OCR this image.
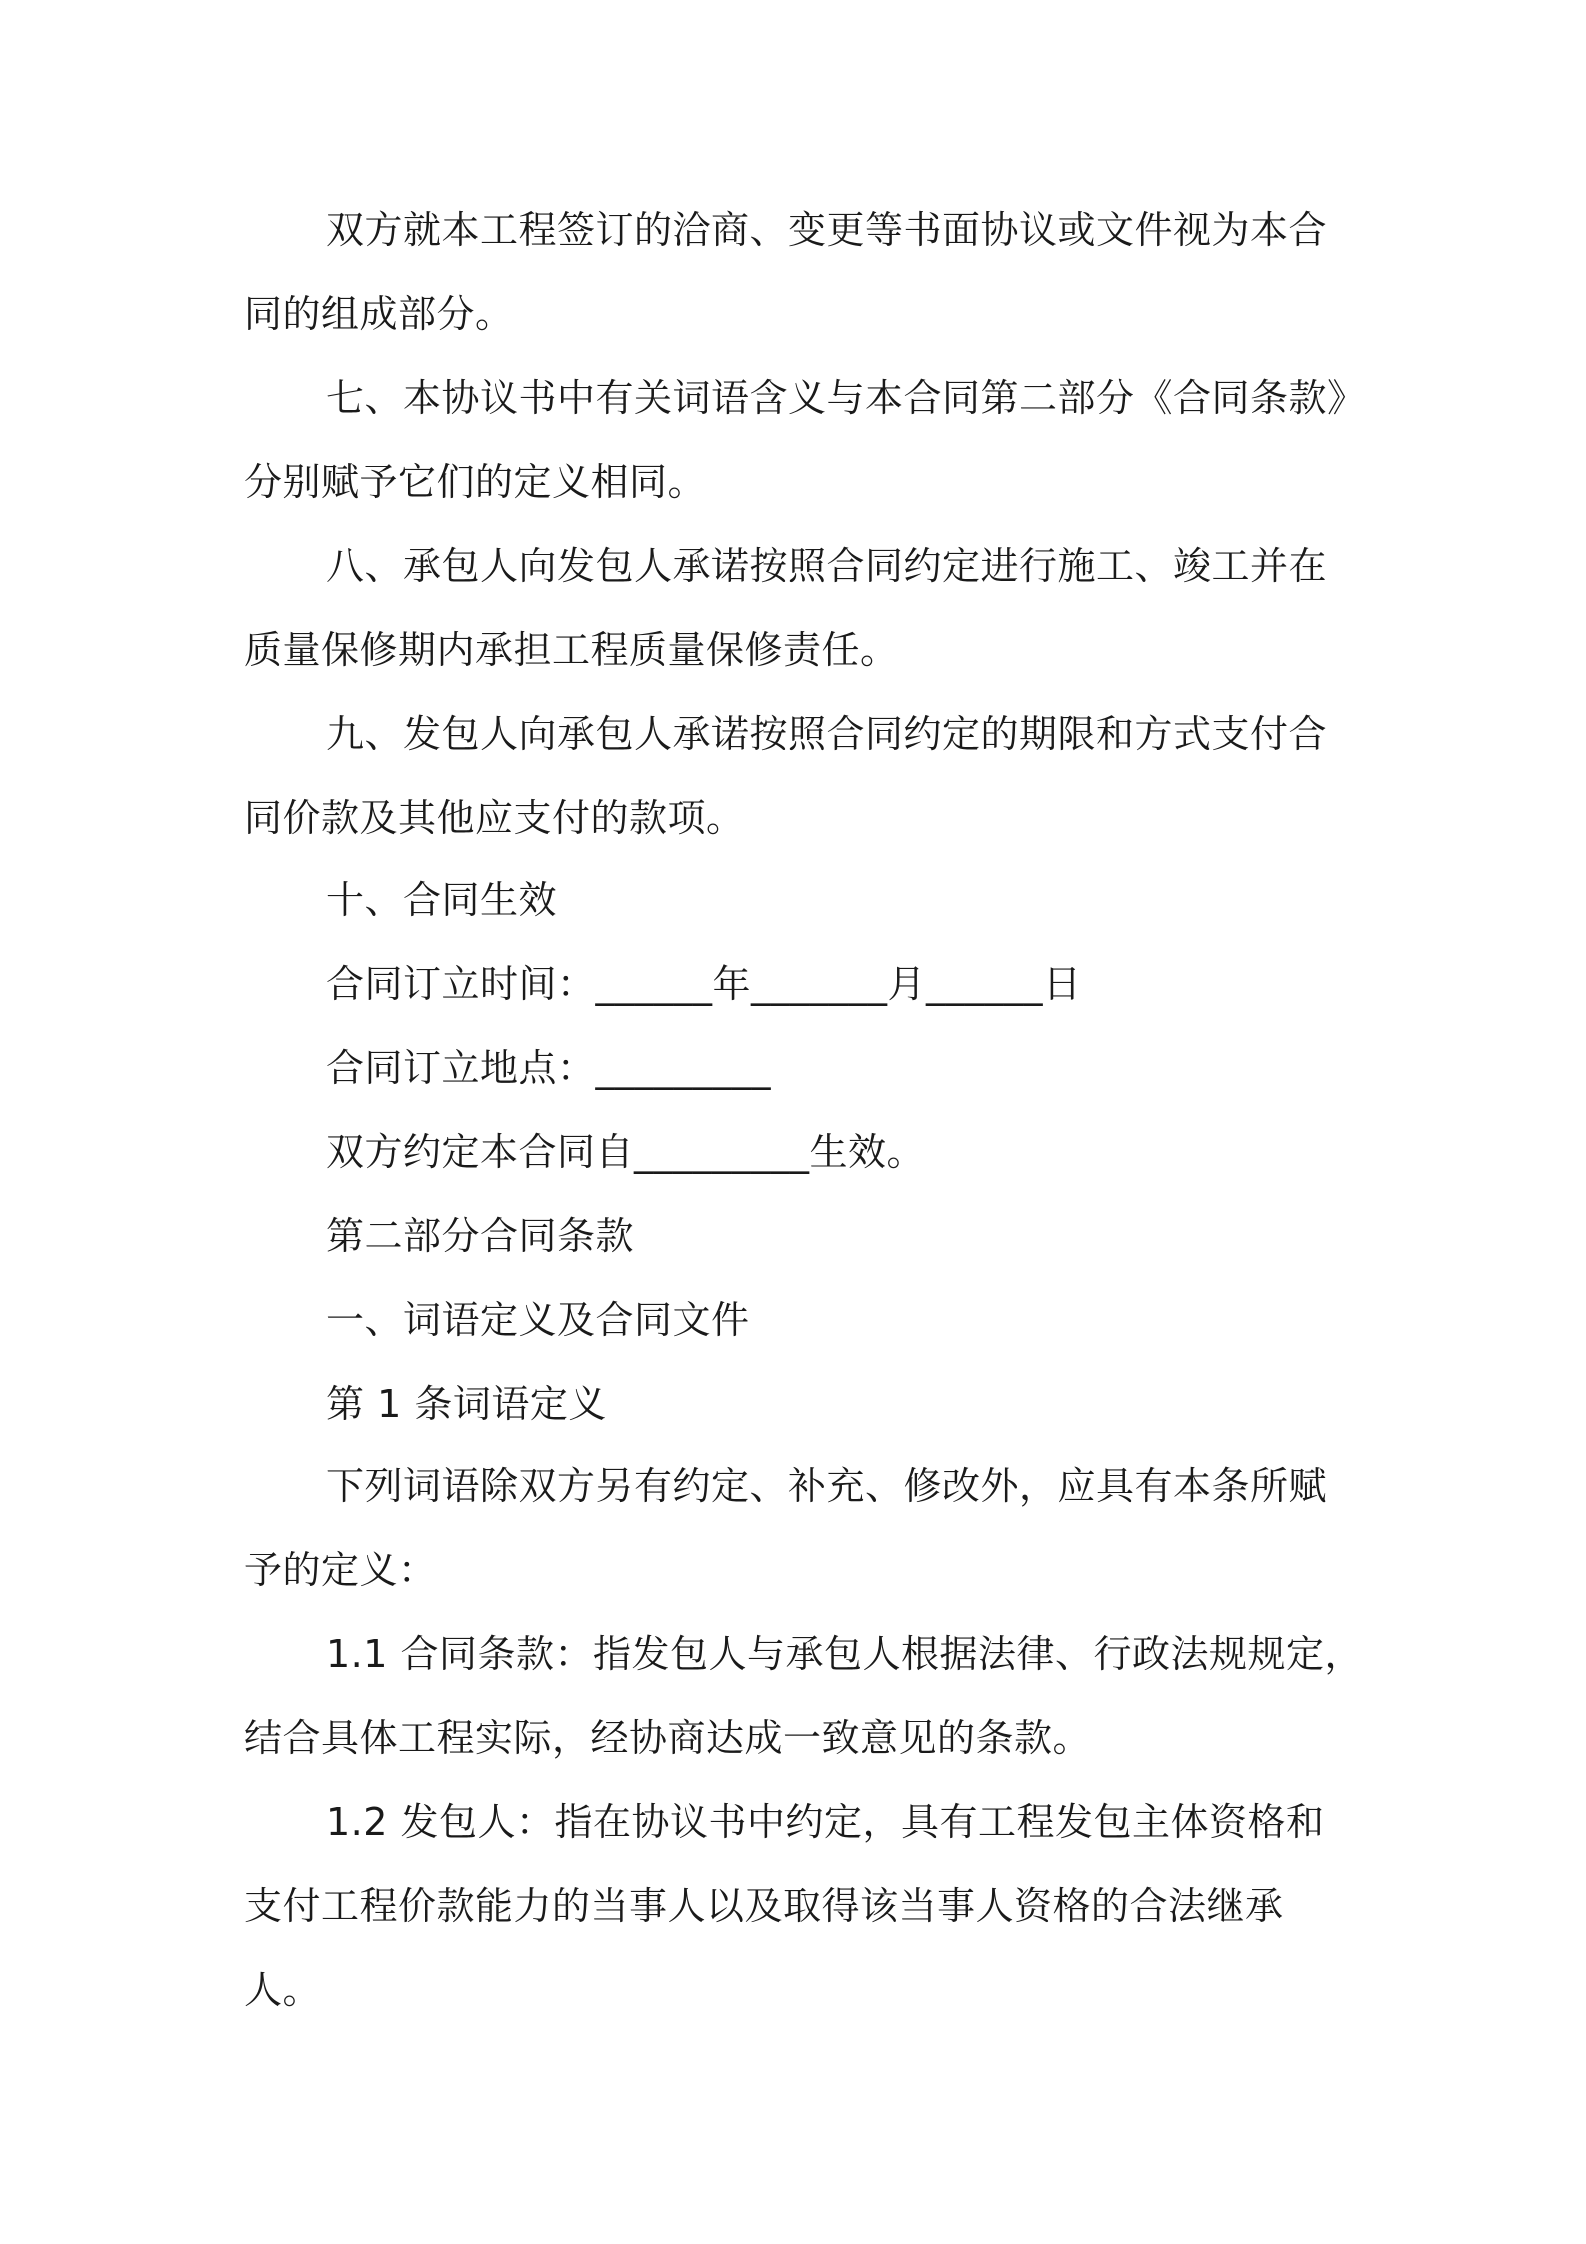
双方就本工程签订的洽商、变更等书面协议或文件视为本合
同的组成部分。
七、本协议书中有关词语含义与本合同第二部分《合同条款》
分别赋予它们的定义相同。
八、承包人向发包人承诺按照合同约定进行施工、竣工并在
质量保修期内承担工程质量保修责任。
九、发包人向承包人承诺按照合同约定的期限和方式支付合
同价款及其他应支付的款项。
十、合同生效
合同订立时间：______年_______月______日
合同订立地点：_________
双方约定本合同自_________生效。
第二部分合同条款
一、词语定义及合同文件
第 1 条词语定义
下列词语除双方另有约定、补充、修改外，应具有本条所赋
予的定义：
1.1 合同条款：指发包人与承包人根据法律、行政法规规定，
结合具体工程实际，经协商达成一致意见的条款。
1.2 发包人：指在协议书中约定，具有工程发包主体资格和
支付工程价款能力的当事人以及取得该当事人资格的合法继承
人。
